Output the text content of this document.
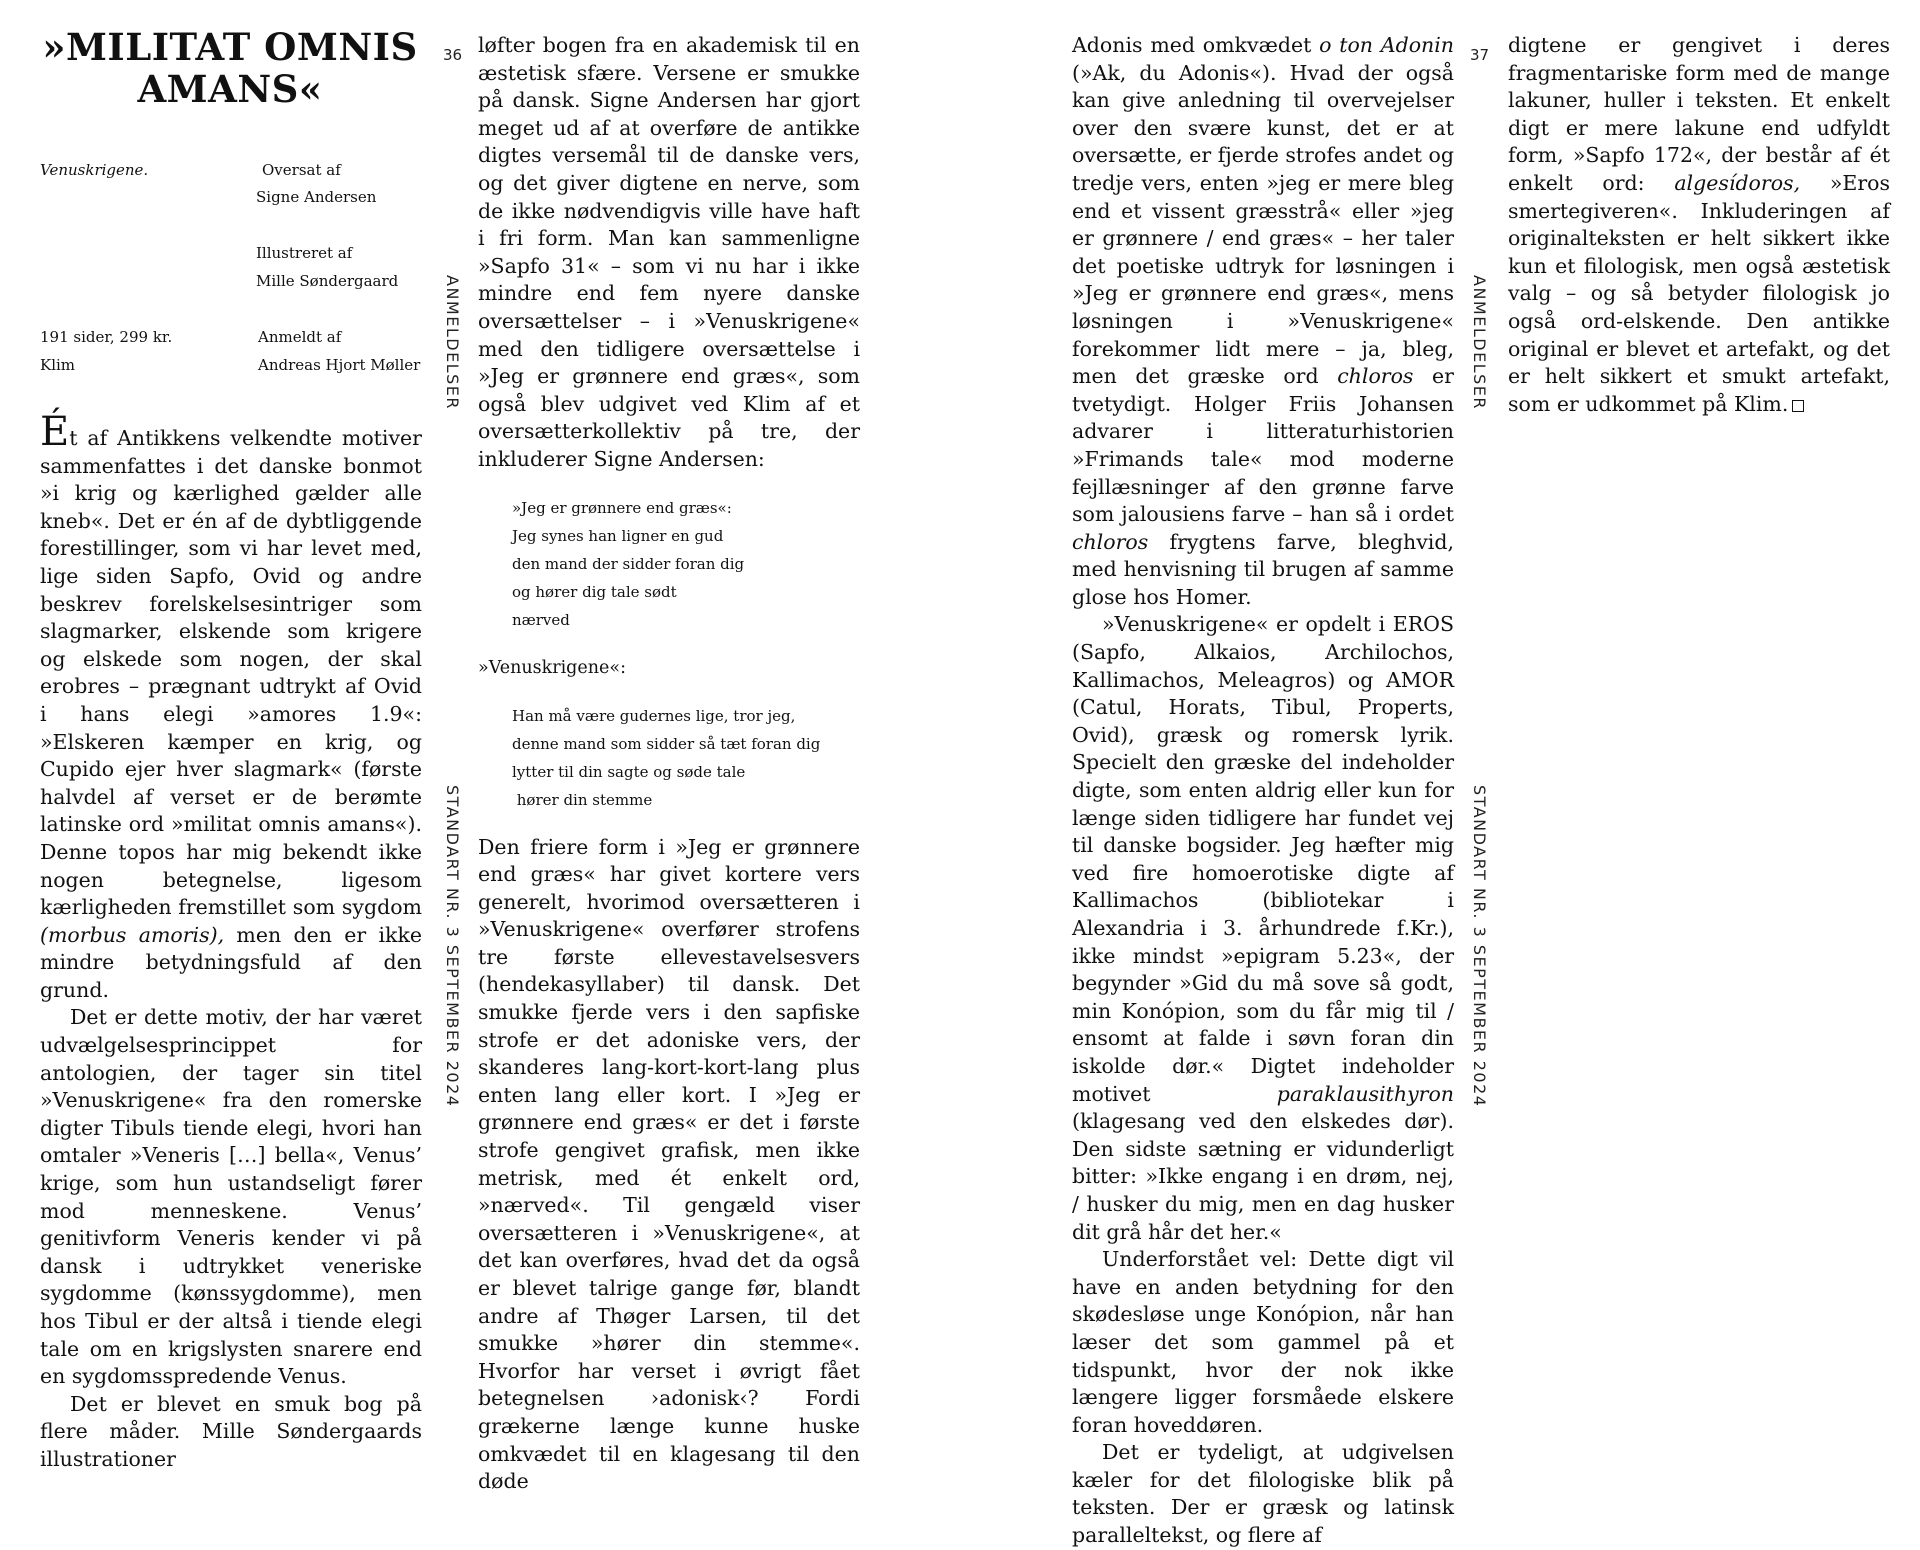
»MILITAT OMNIS AMANS«
Venuskrigene.	Oversat af
Signe Andersen
Illustreret af
Mille Søndergaard
191 sider, 299 kr.	Anmeldt af
Klim	Andreas Hjort Møller

Ét af Antikkens velkendte motiver sammenfattes i det danske bonmot »i krig og kærlighed gælder alle kneb«. Det er én af de dybtliggende forestillinger, som vi har levet med, lige siden Sapfo, Ovid og andre beskrev forelskelsesintriger som slagmarker, elskende som krigere og elskede som nogen, der skal erobres – prægnant udtrykt af Ovid i hans elegi »amores 1.9«: »Elskeren kæmper en krig, og Cupido ejer hver slagmark« (første halvdel af verset er de berømte latinske ord »militat omnis amans«). Denne topos har mig bekendt ikke nogen betegnelse, ligesom kærligheden fremstillet som sygdom (morbus amoris), men den er ikke mindre betydningsfuld af den grund.

Det er dette motiv, der har været udvælgelsesprincippet for antologien, der tager sin titel »Venuskrigene« fra den romerske digter Tibuls tiende elegi, hvori han omtaler »Veneris […] bella«, Venus’ krige, som hun ustandseligt fører mod menneskene. Venus’ genitivform Veneris kender vi på dansk i udtrykket veneriske sygdomme (kønssygdomme), men hos Tibul er der altså i tiende elegi tale om en krigslysten snarere end en sygdomsspredende Venus.

Det er blevet en smuk bog på flere måder. Mille Søndergaards illustrationer

36
ANMELDELSER
STANDART NR. 3 SEPTEMBER 2024

løfter bogen fra en akademisk til en æstetisk sfære. Versene er smukke på dansk. Signe Andersen har gjort meget ud af at overføre de antikke digtes versemål til de danske vers, og det giver digtene en nerve, som de ikke nødvendigvis ville have haft i fri form. Man kan sammenligne »Sapfo 31« – som vi nu har i ikke mindre end fem nyere danske oversættelser – i »Venuskrigene« med den tidligere oversættelse i »Jeg er grønnere end græs«, som også blev udgivet ved Klim af et oversætterkollektiv på tre, der inkluderer Signe Andersen:

»Jeg er grønnere end græs«:
Jeg synes han ligner en gud
den mand der sidder foran dig
og hører dig tale sødt
nærved
»Venuskrigene«:
Han må være gudernes lige, tror jeg,
denne mand som sidder så tæt foran dig
lytter til din sagte og søde tale
hører din stemme

Den friere form i »Jeg er grønnere end græs« har givet kortere vers generelt, hvorimod oversætteren i »Venuskrigene« overfører strofens tre første ellevestavelsesvers (hendekasyllaber) til dansk. Det smukke fjerde vers i den sapfiske strofe er det adoniske vers, der skanderes lang-kort-kort-lang plus enten lang eller kort. I »Jeg er grønnere end græs« er det i første strofe gengivet grafisk, men ikke metrisk, med ét enkelt ord, »nærved«. Til gengæld viser oversætteren i »Venuskrigene«, at det kan overføres, hvad det da også er blevet talrige gange før, blandt andre af Thøger Larsen, til det smukke »hører din stemme«. Hvorfor har verset i øvrigt fået betegnelsen ›adonisk‹? Fordi grækerne længe kunne huske omkvædet til en klagesang til den døde

Adonis med omkvædet o ton Adonin (»Ak, du Adonis«). Hvad der også kan give anledning til overvejelser over den svære kunst, det er at oversætte, er fjerde strofes andet og tredje vers, enten »jeg er mere bleg end et vissent græsstrå« eller »jeg er grønnere / end græs« – her taler det poetiske udtryk for løsningen i »Jeg er grønnere end græs«, mens løsningen i »Venuskrigene« forekommer lidt mere – ja, bleg, men det græske ord chloros er tvetydigt. Holger Friis Johansen advarer i litteraturhistorien »Frimands tale« mod moderne fejllæsninger af den grønne farve som jalousiens farve – han så i ordet chloros frygtens farve, bleghvid, med henvisning til brugen af samme glose hos Homer.

»Venuskrigene« er opdelt i EROS (Sapfo, Alkaios, Archilochos, Kallimachos, Meleagros) og AMOR (Catul, Horats, Tibul, Properts, Ovid), græsk og romersk lyrik. Specielt den græske del indeholder digte, som enten aldrig eller kun for længe siden tidligere har fundet vej til danske bogsider. Jeg hæfter mig ved fire homoerotiske digte af Kallimachos (bibliotekar i Alexandria i 3. århundrede f.Kr.), ikke mindst »epigram 5.23«, der begynder »Gid du må sove så godt, min Konópion, som du får mig til / ensomt at falde i søvn foran din iskolde dør.« Digtet indeholder motivet paraklausithyron (klagesang ved den elskedes dør). Den sidste sætning er vidunderligt bitter: »Ikke engang i en drøm, nej, / husker du mig, men en dag husker dit grå hår det her.«

Underforstået vel: Dette digt vil have en anden betydning for den skødesløse unge Konópion, når han læser det som gammel på et tidspunkt, hvor der nok ikke længere ligger forsmåede elskere foran hoveddøren.

Det er tydeligt, at udgivelsen kæler for det filologiske blik på teksten. Der er græsk og latinsk paralleltekst, og flere af

37
ANMELDELSER
STANDART NR. 3 SEPTEMBER 2024

digtene er gengivet i deres fragmentariske form med de mange lakuner, huller i teksten. Et enkelt digt er mere lakune end udfyldt form, »Sapfo 172«, der består af ét enkelt ord: algesídoros, »Eros smertegiveren«. Inkluderingen af originalteksten er helt sikkert ikke kun et filologisk, men også æstetisk valg – og så betyder filologisk jo også ord-elskende. Den antikke original er blevet et artefakt, og det er helt sikkert et smukt artefakt, som er udkommet på Klim.
